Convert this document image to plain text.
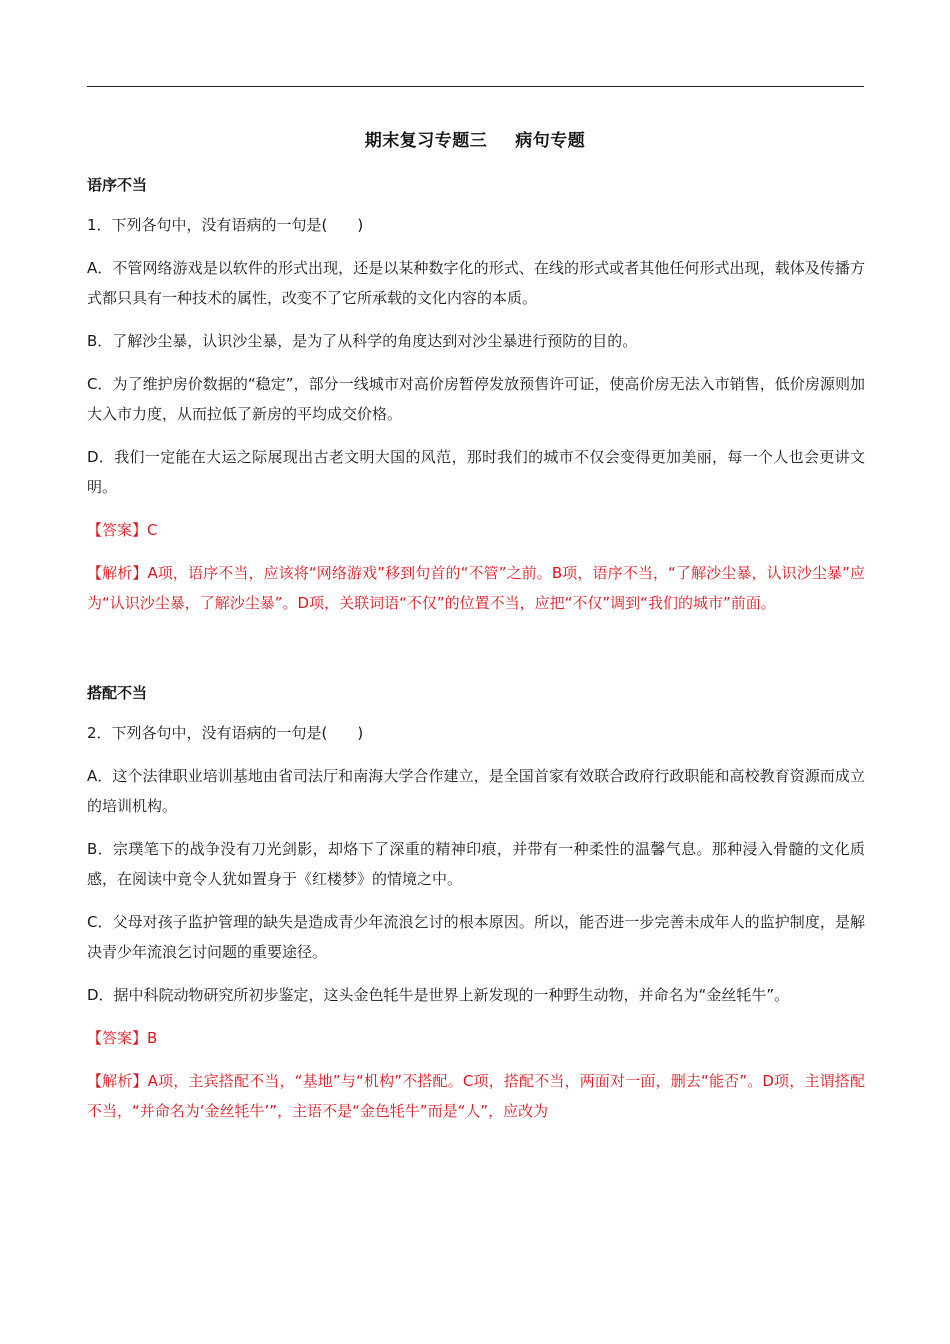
期末复习专题三 病句专题

语序不当

1．下列各句中，没有语病的一句是(　　)

A．不管网络游戏是以软件的形式出现，还是以某种数字化的形式、在线的形式或者其他任何形式出现，载体及传播方式都只具有一种技术的属性，改变不了它所承载的文化内容的本质。

B．了解沙尘暴，认识沙尘暴，是为了从科学的角度达到对沙尘暴进行预防的目的。

C．为了维护房价数据的“稳定”，部分一线城市对高价房暂停发放预售许可证，使高价房无法入市销售，低价房源则加大入市力度，从而拉低了新房的平均成交价格。

D．我们一定能在大运之际展现出古老文明大国的风范，那时我们的城市不仅会变得更加美丽，每一个人也会更讲文明。

【答案】C

【解析】A项，语序不当，应该将“网络游戏”移到句首的“不管”之前。B项，语序不当，“了解沙尘暴，认识沙尘暴”应为“认识沙尘暴，了解沙尘暴”。D项，关联词语“不仅”的位置不当，应把“不仅”调到“我们的城市”前面。

搭配不当

2．下列各句中，没有语病的一句是(　　)

A．这个法律职业培训基地由省司法厅和南海大学合作建立，是全国首家有效联合政府行政职能和高校教育资源而成立的培训机构。

B．宗璞笔下的战争没有刀光剑影，却烙下了深重的精神印痕，并带有一种柔性的温馨气息。那种浸入骨髓的文化质感，在阅读中竟令人犹如置身于《红楼梦》的情境之中。

C．父母对孩子监护管理的缺失是造成青少年流浪乞讨的根本原因。所以，能否进一步完善未成年人的监护制度，是解决青少年流浪乞讨问题的重要途径。

D．据中科院动物研究所初步鉴定，这头金色牦牛是世界上新发现的一种野生动物，并命名为“金丝牦牛”。

【答案】B

【解析】A项，主宾搭配不当，“基地”与“机构”不搭配。C项，搭配不当，两面对一面，删去“能否”。D项，主谓搭配不当，“并命名为‘金丝牦牛’”，主语不是“金色牦牛”而是“人”，应改为
